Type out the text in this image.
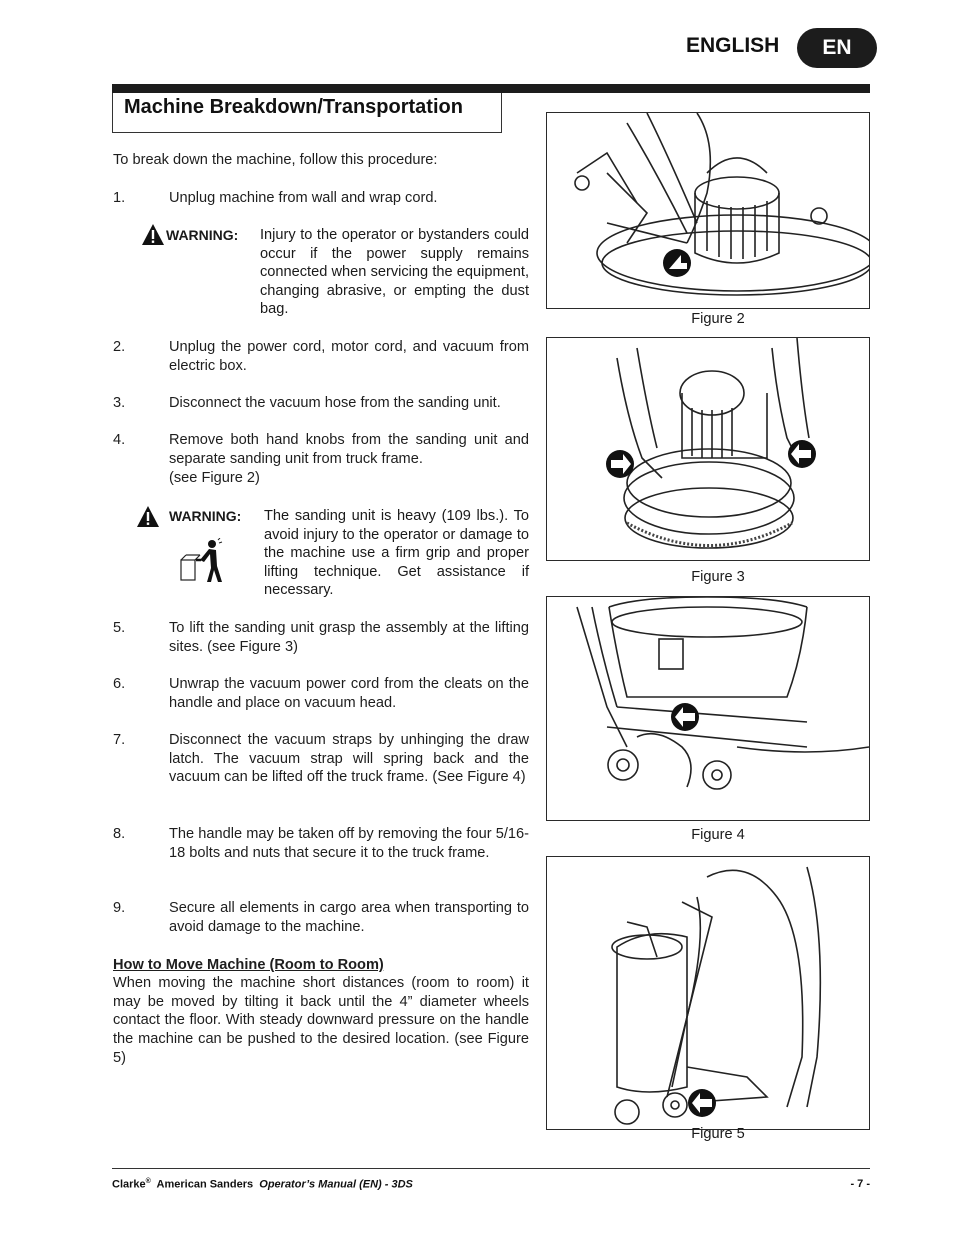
ENGLISH	EN
Machine Breakdown/Transportation
To break down the machine, follow this procedure:
1.	Unplug machine from wall and wrap cord.
WARNING: Injury to the operator or bystanders could occur if the power supply remains connected when servicing the equipment, changing abrasive, or empting the dust bag.
2.	Unplug the power cord, motor cord, and vacuum from electric box.
3.	Disconnect the vacuum hose from the sanding unit.
4.	Remove both hand knobs from the sanding unit and separate sanding unit from truck frame.
(see Figure 2)
WARNING: The sanding unit is heavy (109 lbs.). To avoid injury to the operator or damage to the machine use a firm grip and proper lifting technique. Get assistance if necessary.
5.	To lift the sanding unit grasp the assembly at the lifting sites. (see Figure 3)
6.	Unwrap the vacuum power cord from the cleats on the handle and place on vacuum head.
7.	Disconnect the vacuum straps by unhinging the draw latch. The vacuum strap will spring back and the vacuum can be lifted off the truck frame. (See Figure 4)
8.	The handle may be taken off by removing the four 5/16-18 bolts and nuts that secure it to the truck frame.
9.	Secure all elements in cargo area when transporting to avoid damage to the machine.
How to Move Machine (Room to Room)
When moving the machine short distances (room to room) it may be moved by tilting it back until the 4” diameter wheels contact the floor. With steady downward pressure on the handle the machine can be pushed to the desired location. (see Figure 5)
Figure 2
Figure 3
Figure 4
Figure 5
Clarke® American Sanders Operator’s Manual (EN) - 3DS	- 7 -
